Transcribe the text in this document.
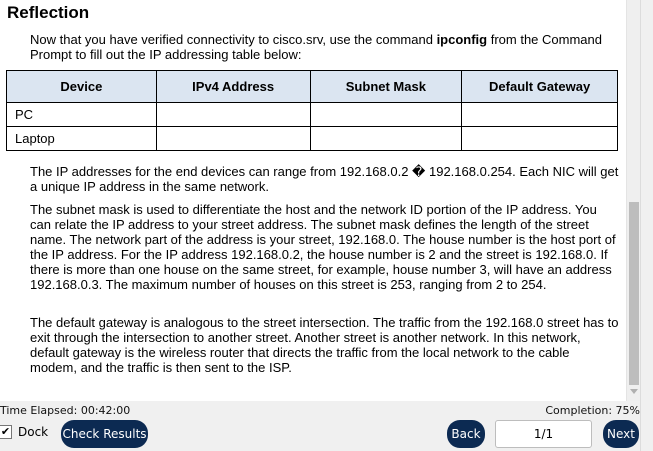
Reflection
Now that you have verified connectivity to cisco.srv, use the command ipconfig from the Command Prompt to fill out the IP addressing table below:
Device	IPv4 Address	Subnet Mask	Default Gateway
PC			
Laptop			
The IP addresses for the end devices can range from 192.168.0.2 � 192.168.0.254. Each NIC will get a unique IP address in the same network.
The subnet mask is used to differentiate the host and the network ID portion of the IP address. You can relate the IP address to your street address. The subnet mask defines the length of the street name. The network part of the address is your street, 192.168.0. The house number is the host port of the IP address. For the IP address 192.168.0.2, the house number is 2 and the street is 192.168.0. If there is more than one house on the same street, for example, house number 3, will have an address 192.168.0.3. The maximum number of houses on this street is 253, ranging from 2 to 254.
The default gateway is analogous to the street intersection. The traffic from the 192.168.0 street has to exit through the intersection to another street. Another street is another network. In this network, default gateway is the wireless router that directs the traffic from the local network to the cable modem, and the traffic is then sent to the ISP.
Time Elapsed: 00:42:00	Completion: 75%
✔ Dock Check Results	Back	1/1	Next
